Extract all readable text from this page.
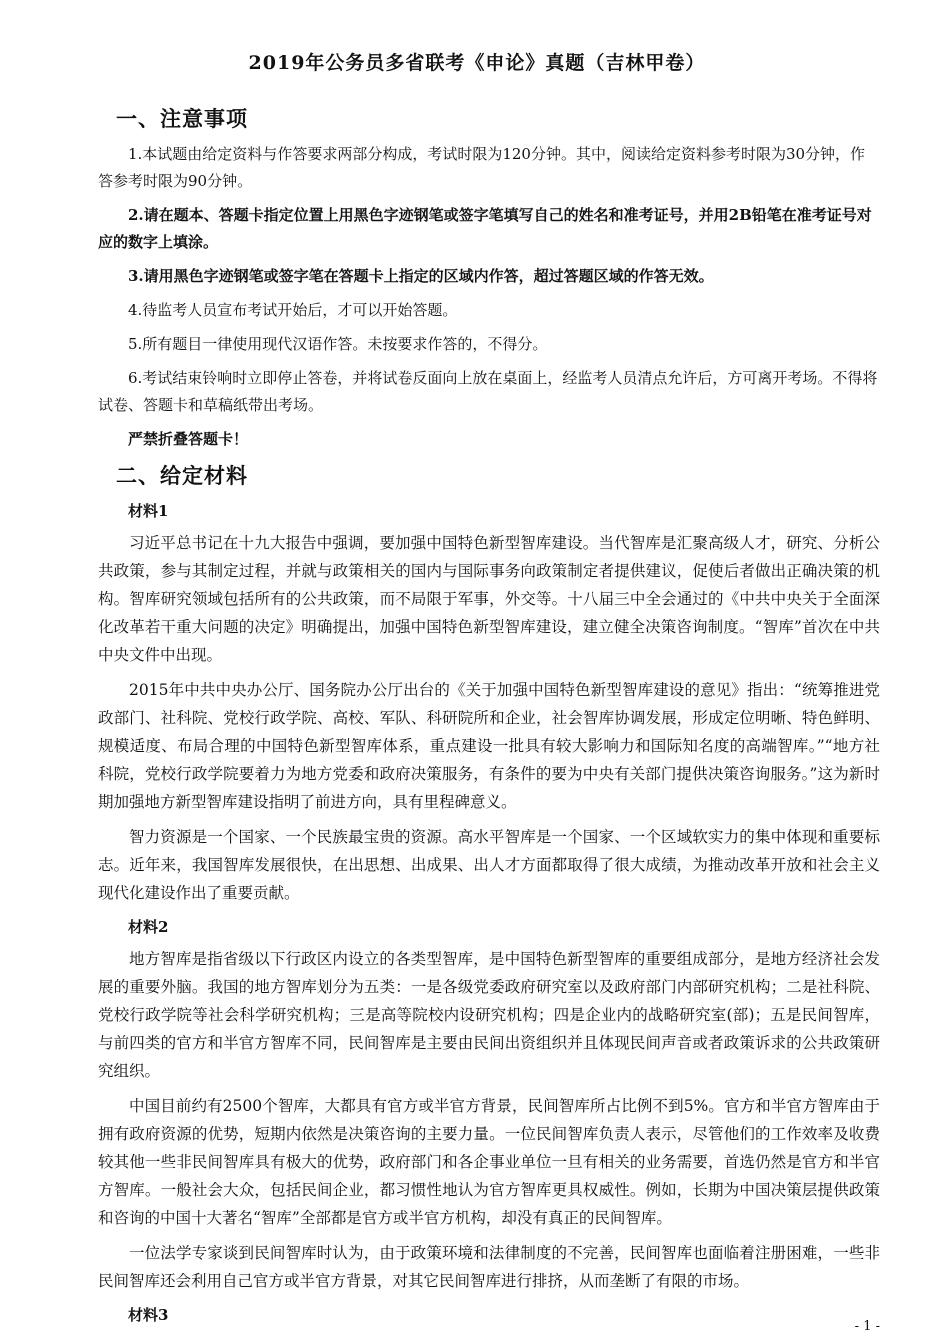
2019年公务员多省联考《申论》真题（吉林甲卷）
一、注意事项

1.本试题由给定资料与作答要求两部分构成，考试时限为120分钟。其中，阅读给定资料参考时限为30分钟，作答参考时限为90分钟。

2.请在题本、答题卡指定位置上用黑色字迹钢笔或签字笔填写自己的姓名和准考证号，并用2B铅笔在准考证号对应的数字上填涂。

3.请用黑色字迹钢笔或签字笔在答题卡上指定的区域内作答，超过答题区域的作答无效。

4.待监考人员宣布考试开始后，才可以开始答题。

5.所有题目一律使用现代汉语作答。未按要求作答的，不得分。

6.考试结束铃响时立即停止答卷，并将试卷反面向上放在桌面上，经监考人员清点允许后，方可离开考场。不得将试卷、答题卡和草稿纸带出考场。

严禁折叠答题卡！

二、给定材料
材料1

习近平总书记在十九大报告中强调，要加强中国特色新型智库建设。当代智库是汇聚高级人才，研究、分析公共政策，参与其制定过程，并就与政策相关的国内与国际事务向政策制定者提供建议，促使后者做出正确决策的机构。智库研究领域包括所有的公共政策，而不局限于军事，外交等。十八届三中全会通过的《中共中央关于全面深化改革若干重大问题的决定》明确提出，加强中国特色新型智库建设，建立健全决策咨询制度。“智库”首次在中共中央文件中出现。

2015年中共中央办公厅、国务院办公厅出台的《关于加强中国特色新型智库建设的意见》指出：“统筹推进党政部门、社科院、党校行政学院、高校、军队、科研院所和企业，社会智库协调发展，形成定位明晰、特色鲜明、规模适度、布局合理的中国特色新型智库体系，重点建设一批具有较大影响力和国际知名度的高端智库。”“地方社科院，党校行政学院要着力为地方党委和政府决策服务，有条件的要为中央有关部门提供决策咨询服务。”这为新时期加强地方新型智库建设指明了前进方向，具有里程碑意义。

智力资源是一个国家、一个民族最宝贵的资源。高水平智库是一个国家、一个区域软实力的集中体现和重要标志。近年来，我国智库发展很快，在出思想、出成果、出人才方面都取得了很大成绩，为推动改革开放和社会主义现代化建设作出了重要贡献。

材料2

地方智库是指省级以下行政区内设立的各类型智库，是中国特色新型智库的重要组成部分，是地方经济社会发展的重要外脑。我国的地方智库划分为五类：一是各级党委政府研究室以及政府部门内部研究机构；二是社科院、党校行政学院等社会科学研究机构；三是高等院校内设研究机构；四是企业内的战略研究室(部)；五是民间智库，与前四类的官方和半官方智库不同，民间智库是主要由民间出资组织并且体现民间声音或者政策诉求的公共政策研究组织。

中国目前约有2500个智库，大都具有官方或半官方背景，民间智库所占比例不到5%。官方和半官方智库由于拥有政府资源的优势，短期内依然是决策咨询的主要力量。一位民间智库负责人表示，尽管他们的工作效率及收费较其他一些非民间智库具有极大的优势，政府部门和各企事业单位一旦有相关的业务需要，首选仍然是官方和半官方智库。一般社会大众，包括民间企业，都习惯性地认为官方智库更具权威性。例如，长期为中国决策层提供政策和咨询的中国十大著名“智库”全部都是官方或半官方机构，却没有真正的民间智库。

一位法学专家谈到民间智库时认为，由于政策环境和法律制度的不完善，民间智库也面临着注册困难，一些非民间智库还会利用自己官方或半官方背景，对其它民间智库进行排挤，从而垄断了有限的市场。

材料3
- 1 -
